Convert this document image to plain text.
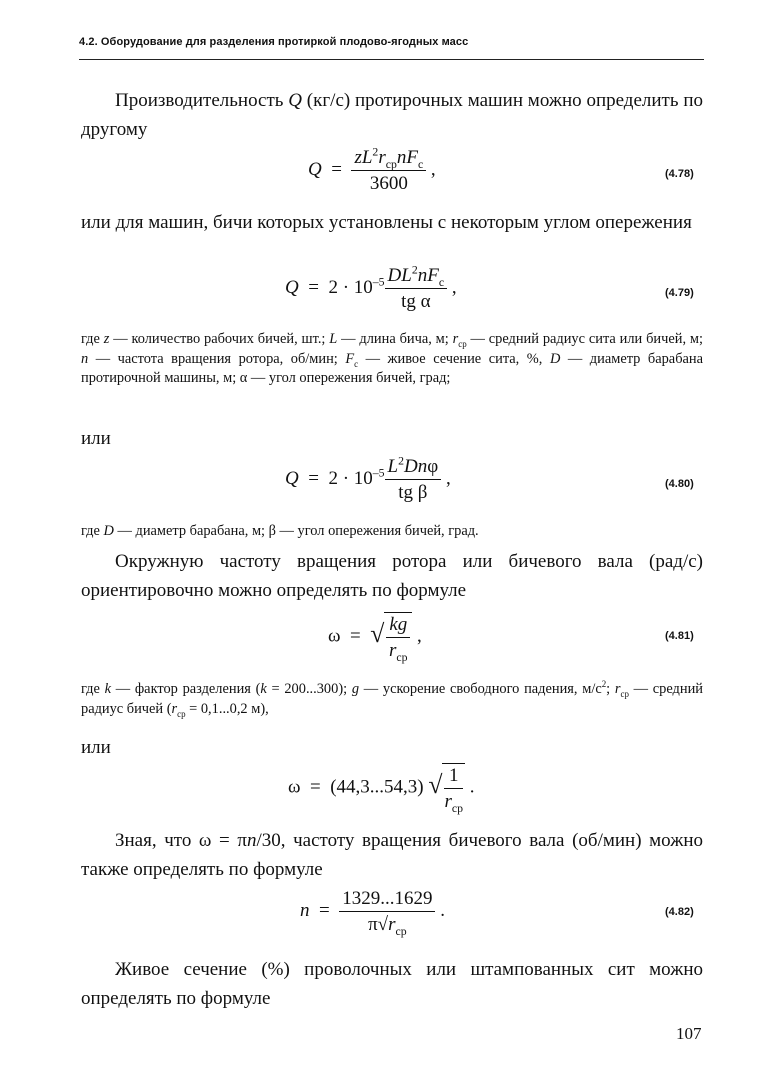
4.2. Оборудование для разделения протиркой плодово-ягодных масс
Производительность Q (кг/с) протирочных машин можно определить по другому
$Q = \frac{zL^2r_{ср}nF_с}{3600}$ ,	(4.78)
или для машин, бичи которых установлены с некоторым углом опережения
$Q = 2 \cdot 10^{-5} \frac{DL^2nF_с}{\text{tg α}}$ ,	(4.79)
где z — количество рабочих бичей, шт.; L — длина бича, м; $r_{ср}$ — средний радиус сита или бичей, м; n — частота вращения ротора, об/мин; $F_с$ — живое сечение сита, %, D — диаметр барабана протирочной машины, м; α — угол опережения бичей, град;
или
$Q = 2 \cdot 10^{-5} \frac{L^2Dn\varphi}{\text{tg β}}$ ,	(4.80)
где D — диаметр барабана, м; β — угол опережения бичей, град.
Окружную частоту вращения ротора или бичевого вала (рад/с) ориентировочно можно определять по формуле
ω  =  √ $\frac{kg}{r_{ср}}$ ,	(4.81)
где k — фактор разделения (k = 200...300); g — ускорение свободного падения, $м/с^2$; $r_{ср}$ — средний радиус бичей ($r_{ср} = 0,1...0,2$ м),
или
ω  =  (44,3...54,3) √ $\frac{1}{r_{ср}}$ .
Зная, что ω = πn/30, частоту вращения бичевого вала (об/мин) можно также определять по формуле
$n = \frac{1329...1629}{\pi√r_{ср}}$ .	(4.82)
Живое сечение (%) проволочных или штампованных сит можно определять по формуле
107
